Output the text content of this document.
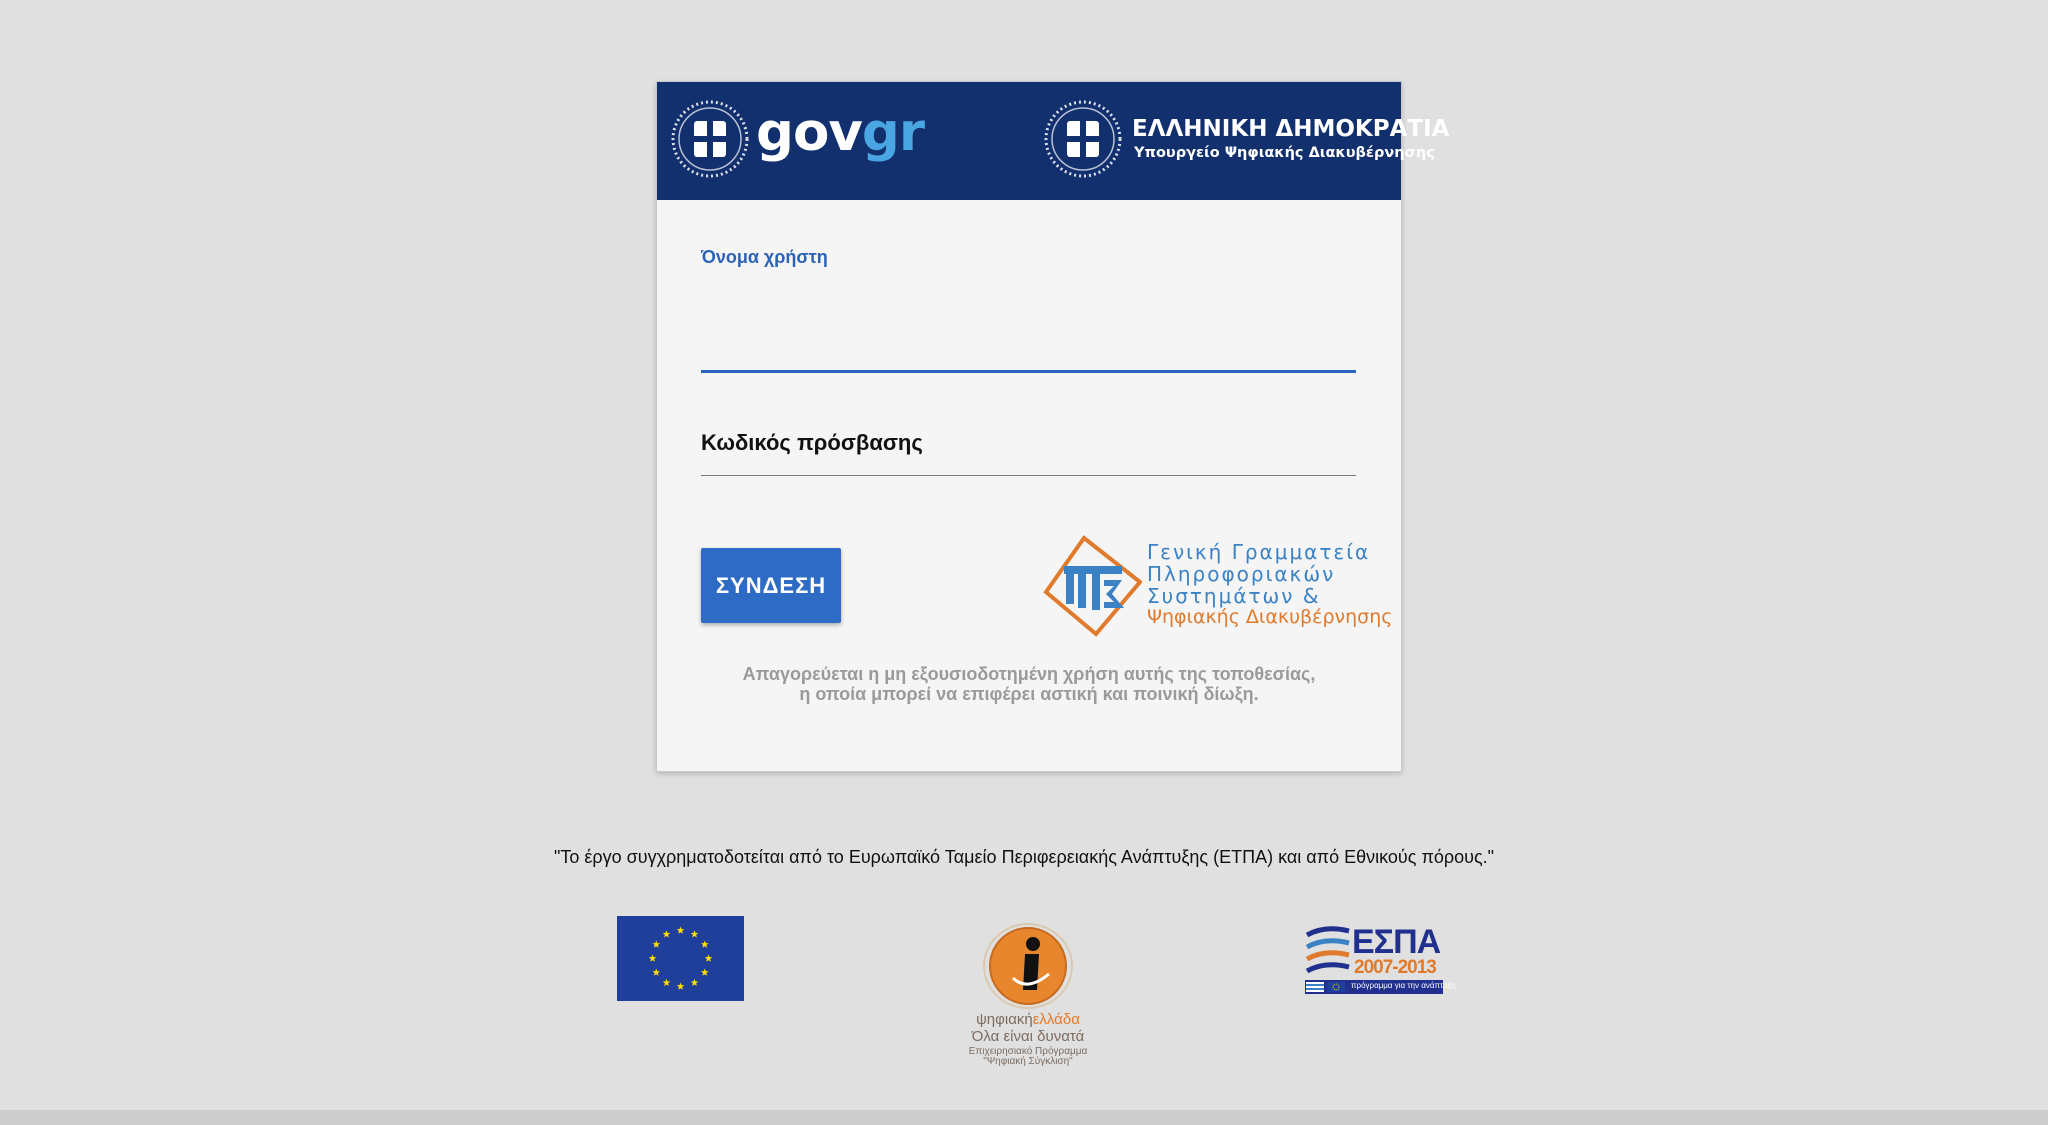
govgr	ΕΛΛΗΝΙΚΗ ΔΗΜΟΚΡΑΤΙΑ
Υπουργείο Ψηφιακής Διακυβέρνησης
Όνομα χρήστη
Κωδικός πρόσβασης
ΣΥΝΔΕΣΗ
Γενική Γραμματεία
Πληροφοριακών
Συστημάτων &
Ψηφιακής Διακυβέρνησης
Απαγορεύεται η μη εξουσιοδοτημένη χρήση αυτής της τοποθεσίας,
η οποία μπορεί να επιφέρει αστική και ποινική δίωξη.
"Το έργο συγχρηματοδοτείται από το Ευρωπαϊκό Ταμείο Περιφερειακής Ανάπτυξης (ΕΤΠΑ) και από Εθνικούς πόρους."
ψηφιακήελλάδα
Όλα είναι δυνατά
Επιχειρησιακό Πρόγραμμα
"Ψηφιακή Σύγκλιση"
ΕΣΠΑ
2007-2013
πρόγραμμα για την ανάπτυξη
